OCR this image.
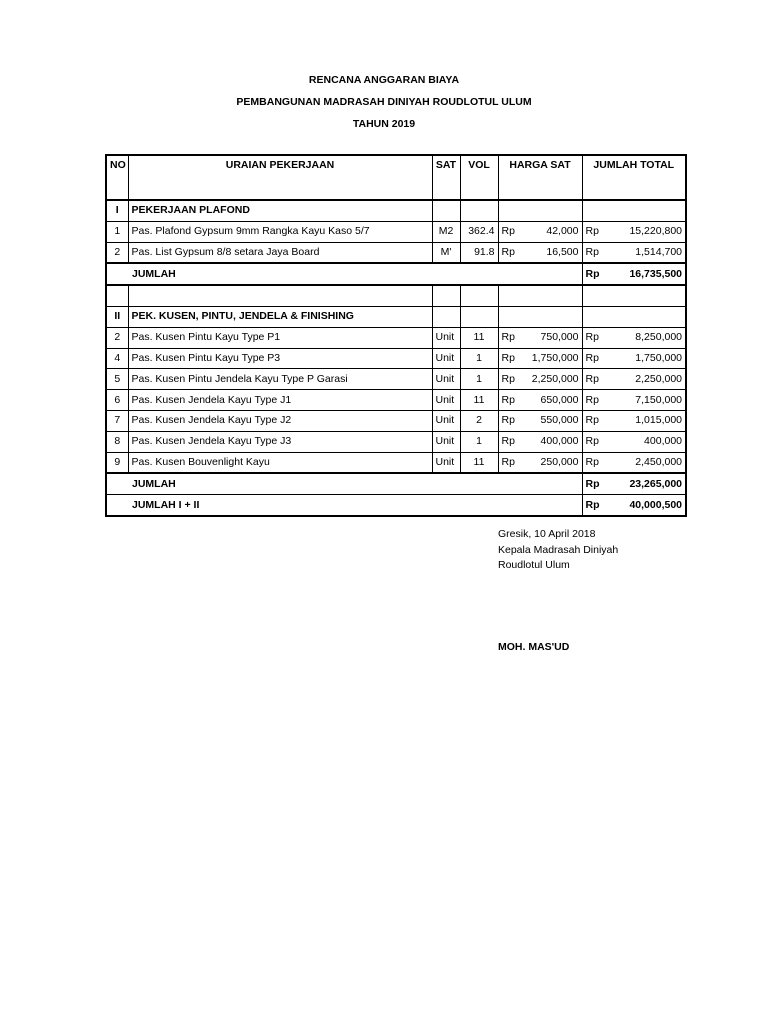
RENCANA ANGGARAN BIAYA
PEMBANGUNAN MADRASAH DINIYAH ROUDLOTUL ULUM
TAHUN 2019
NO	URAIAN PEKERJAAN	SAT	VOL	HARGA SAT	JUMLAH TOTAL	
I	PEKERJAAN PLAFOND					
1	Pas. Plafond Gypsum 9mm Rangka Kayu Kaso 5/7	M2	362.4	Rp 42,000	Rp	15,220,800
2	Pas. List Gypsum 8/8 setara Jaya Board	M'	91.8	Rp 16,500	Rp	1,514,700
JUMLAH					Rp	16,735,500

II	PEK. KUSEN, PINTU, JENDELA & FINISHING					
2	Pas. Kusen Pintu Kayu Type P1	Unit	11	Rp 750,000	Rp	8,250,000
4	Pas. Kusen Pintu Kayu Type P3	Unit	1	Rp 1,750,000	Rp	1,750,000
5	Pas. Kusen Pintu Jendela Kayu Type P Garasi	Unit	1	Rp 2,250,000	Rp	2,250,000
6	Pas. Kusen Jendela Kayu Type J1	Unit	11	Rp 650,000	Rp	7,150,000
7	Pas. Kusen Jendela Kayu Type J2	Unit	2	Rp 550,000	Rp	1,015,000
8	Pas. Kusen Jendela Kayu Type J3	Unit	1	Rp 400,000	Rp	400,000
9	Pas. Kusen Bouvenlight Kayu	Unit	11	Rp 250,000	Rp	2,450,000
JUMLAH					Rp	23,265,000
JUMLAH I + II					Rp	40,000,500
Gresik, 10 April 2018
Kepala Madrasah Diniyah
Roudlotul Ulum
MOH. MAS'UD
